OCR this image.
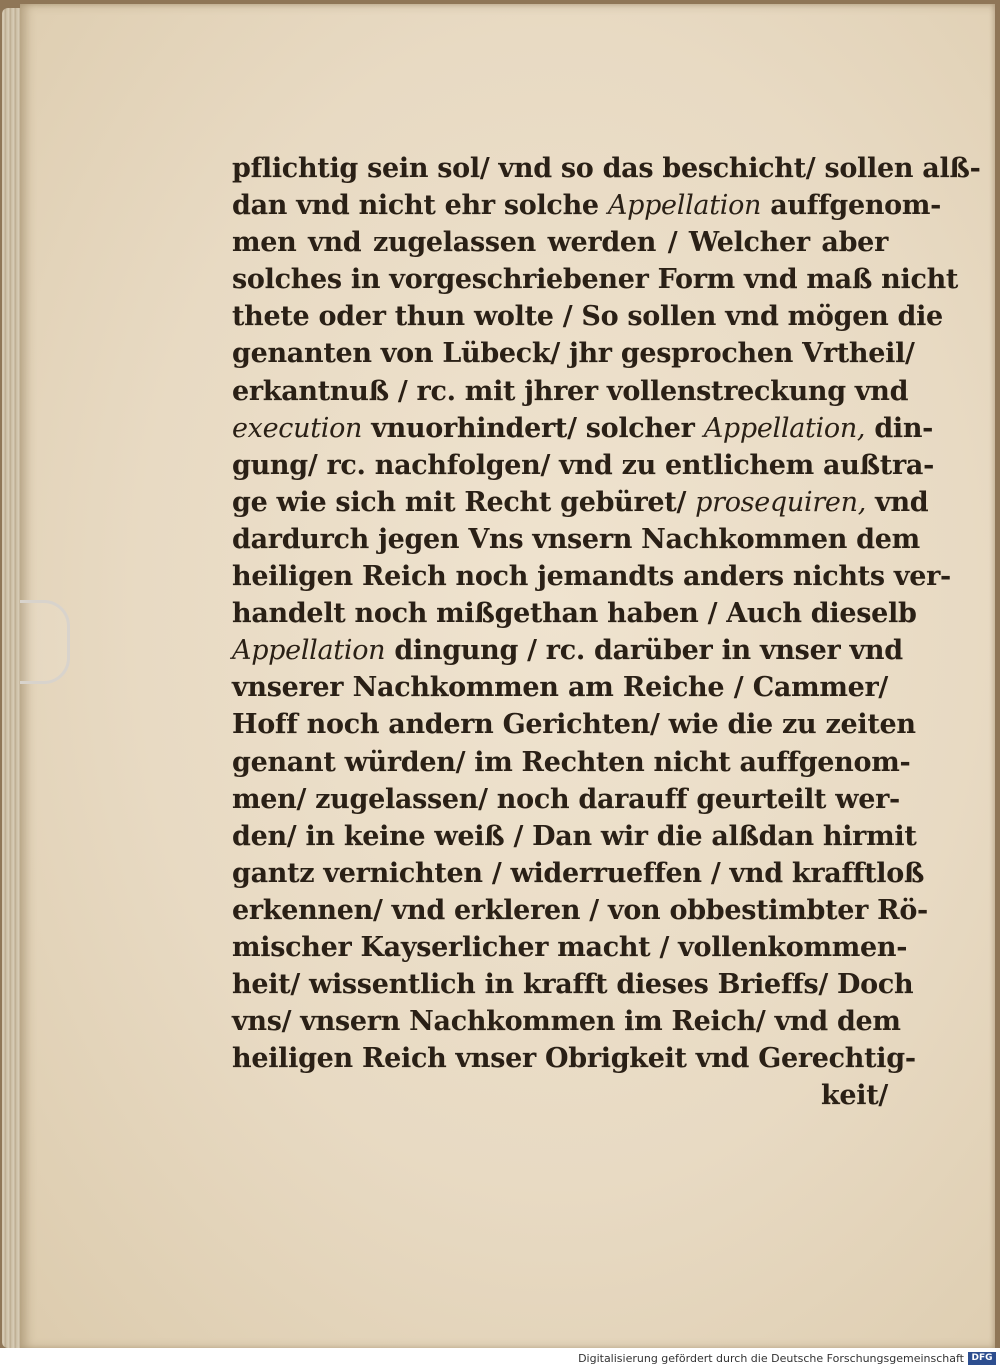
pflichtig sein sol/ vnd so das beschicht/ sollen alß-
dan vnd nicht ehr solche Appellation auffgenom-
men vnd zugelassen werden / Welcher aber
solches in vorgeschriebener Form vnd maß nicht
thete oder thun wolte / So sollen vnd mögen die
genanten von Lübeck/ jhr gesprochen Vrtheil/
erkantnuß / rc. mit jhrer vollenstreckung vnd
execution vnuorhindert/ solcher Appellation, din-
gung/ rc. nachfolgen/ vnd zu entlichem außtra-
ge wie sich mit Recht gebüret/ prosequiren, vnd
dardurch jegen Vns vnsern Nachkommen dem
heiligen Reich noch jemandts anders nichts ver-
handelt noch mißgethan haben / Auch dieselb
Appellation dingung / rc. darüber in vnser vnd
vnserer Nachkommen am Reiche / Cammer/
Hoff noch andern Gerichten/ wie die zu zeiten
genant würden/ im Rechten nicht auffgenom-
men/ zugelassen/ noch darauff geurteilt wer-
den/ in keine weiß / Dan wir die alßdan hirmit
gantz vernichten / widerrueffen / vnd krafftloß
erkennen/ vnd erkleren / von obbestimbter Rö-
mischer Kayserlicher macht / vollenkommen-
heit/ wissentlich in krafft dieses Brieffs/ Doch
vns/ vnsern Nachkommen im Reich/ vnd dem
heiligen Reich vnser Obrigkeit vnd Gerechtig-
keit/
Digitalisierung gefördert durch die Deutsche Forschungsgemeinschaft DFG
